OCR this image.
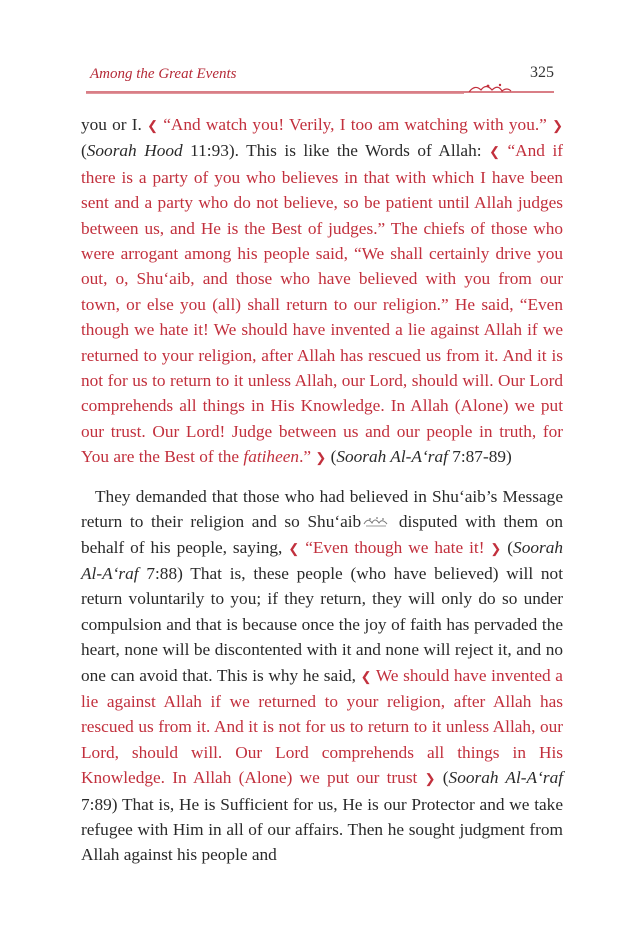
Among the Great Events	325

you or I. ❮ “And watch you! Verily, I too am watching with you.” ❯ (Soorah Hood 11:93). This is like the Words of Allah: ❮ “And if there is a party of you who believes in that with which I have been sent and a party who do not believe, so be patient until Allah judges between us, and He is the Best of judges.” The chiefs of those who were arrogant among his people said, “We shall certainly drive you out, o, Shu‘aib, and those who have believed with you from our town, or else you (all) shall return to our religion.” He said, “Even though we hate it! We should have invented a lie against Allah if we returned to your religion, after Allah has rescued us from it. And it is not for us to return to it unless Allah, our Lord, should will. Our Lord comprehends all things in His Knowledge. In Allah (Alone) we put our trust. Our Lord! Judge between us and our people in truth, for You are the Best of the fatiheen.” ❯ (Soorah Al-A‘raf 7:87-89)

They demanded that those who had believed in Shu‘aib’s Message return to their religion and so Shu‘aib disputed with them on behalf of his people, saying, ❮ “Even though we hate it! ❯ (Soorah Al-A‘raf 7:88) That is, these people (who have believed) will not return voluntarily to you; if they return, they will only do so under compulsion and that is because once the joy of faith has pervaded the heart, none will be discontented with it and none will reject it, and no one can avoid that. This is why he said, ❮ We should have invented a lie against Allah if we returned to your religion, after Allah has rescued us from it. And it is not for us to return to it unless Allah, our Lord, should will. Our Lord comprehends all things in His Knowledge. In Allah (Alone) we put our trust ❯ (Soorah Al-A‘raf 7:89) That is, He is Sufficient for us, He is our Protector and we take refugee with Him in all of our affairs. Then he sought judgment from Allah against his people and
